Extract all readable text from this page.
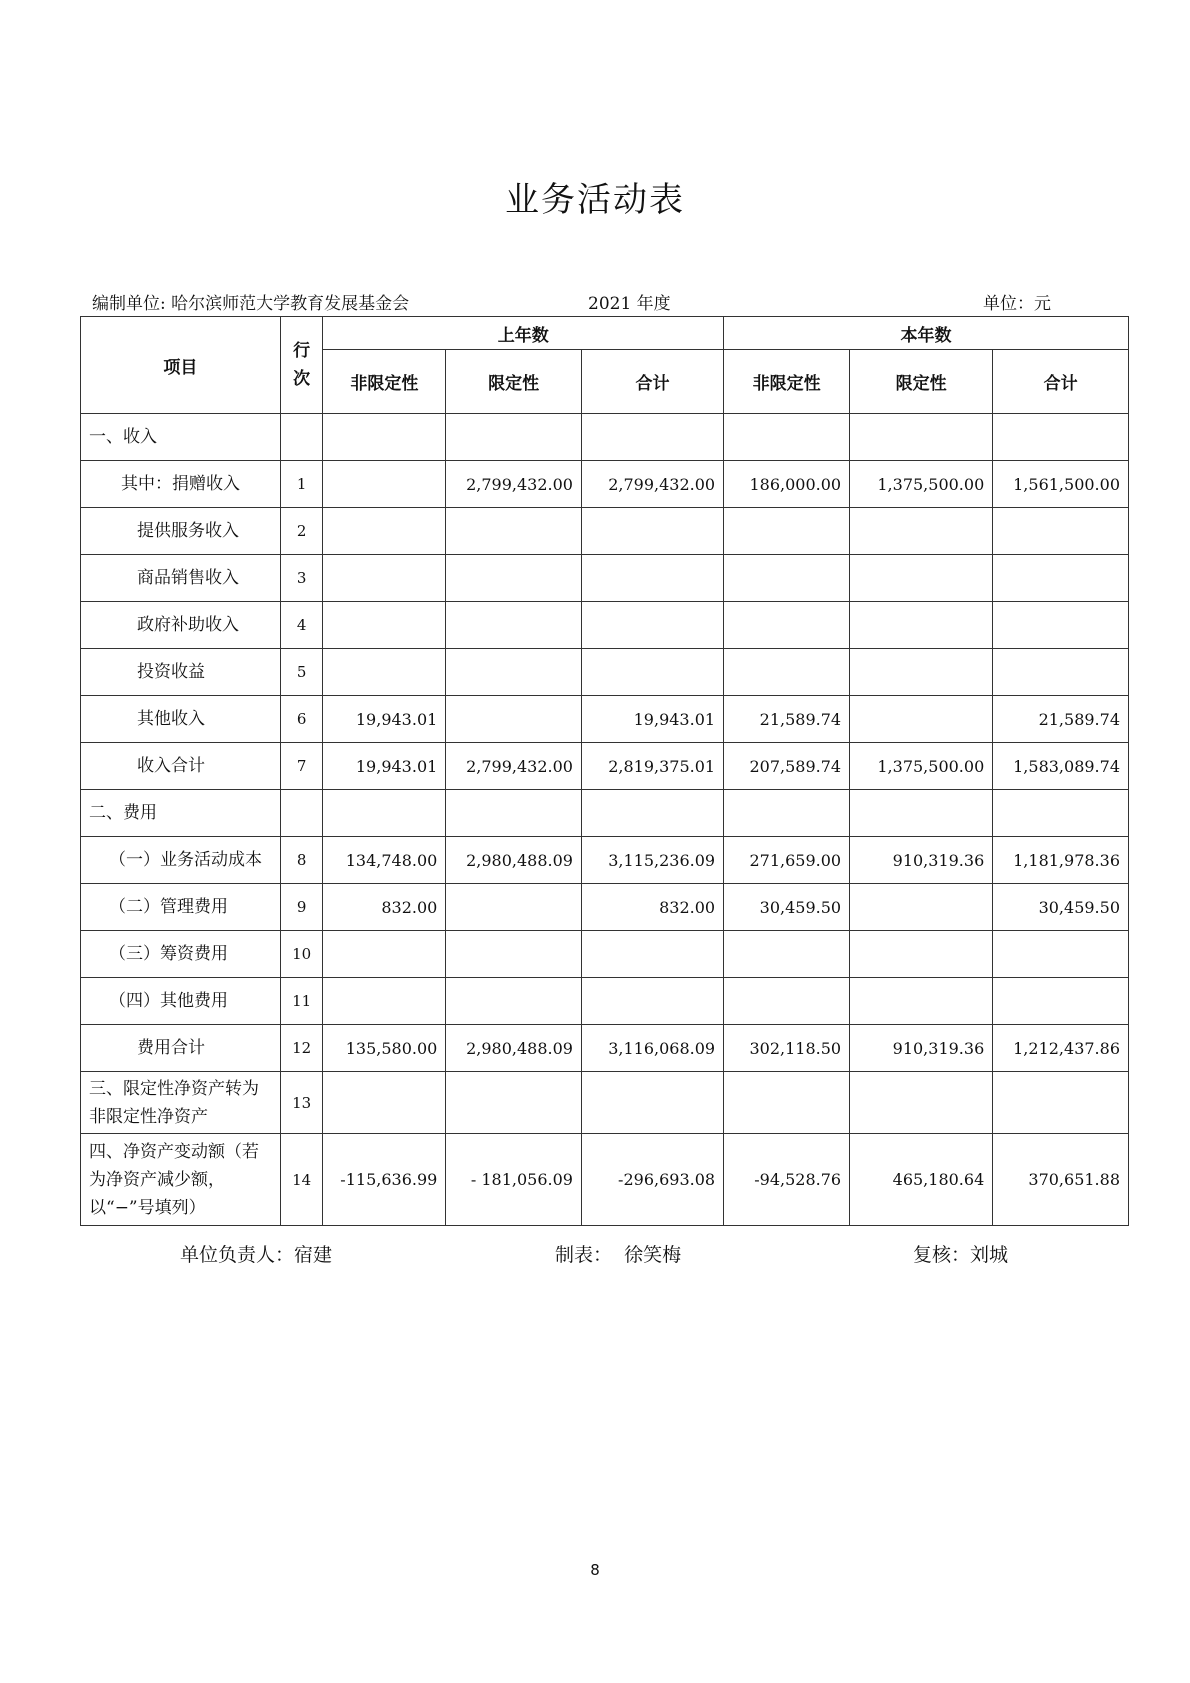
业务活动表
编制单位: 哈尔滨师范大学教育发展基金会	2021 年度	单位：元
项目	行次	上年数			本年数		
		非限定性	限定性	合计	非限定性	限定性	合计
一、收入							
其中：捐赠收入	1		2,799,432.00	2,799,432.00	186,000.00	1,375,500.00	1,561,500.00
提供服务收入	2						
商品销售收入	3						
政府补助收入	4						
投资收益	5						
其他收入	6	19,943.01		19,943.01	21,589.74		21,589.74
收入合计	7	19,943.01	2,799,432.00	2,819,375.01	207,589.74	1,375,500.00	1,583,089.74
二、费用							
（一）业务活动成本	8	134,748.00	2,980,488.09	3,115,236.09	271,659.00	910,319.36	1,181,978.36
（二）管理费用	9	832.00		832.00	30,459.50		30,459.50
（三）筹资费用	10						
（四）其他费用	11						
费用合计	12	135,580.00	2,980,488.09	3,116,068.09	302,118.50	910,319.36	1,212,437.86
三、限定性净资产转为非限定性净资产	13						
四、净资产变动额（若为净资产减少额，以“−”号填列）	14	-115,636.99	- 181,056.09	-296,693.08	-94,528.76	465,180.64	370,651.88
单位负责人：宿建	制表：  徐笑梅	复核：刘城
8
